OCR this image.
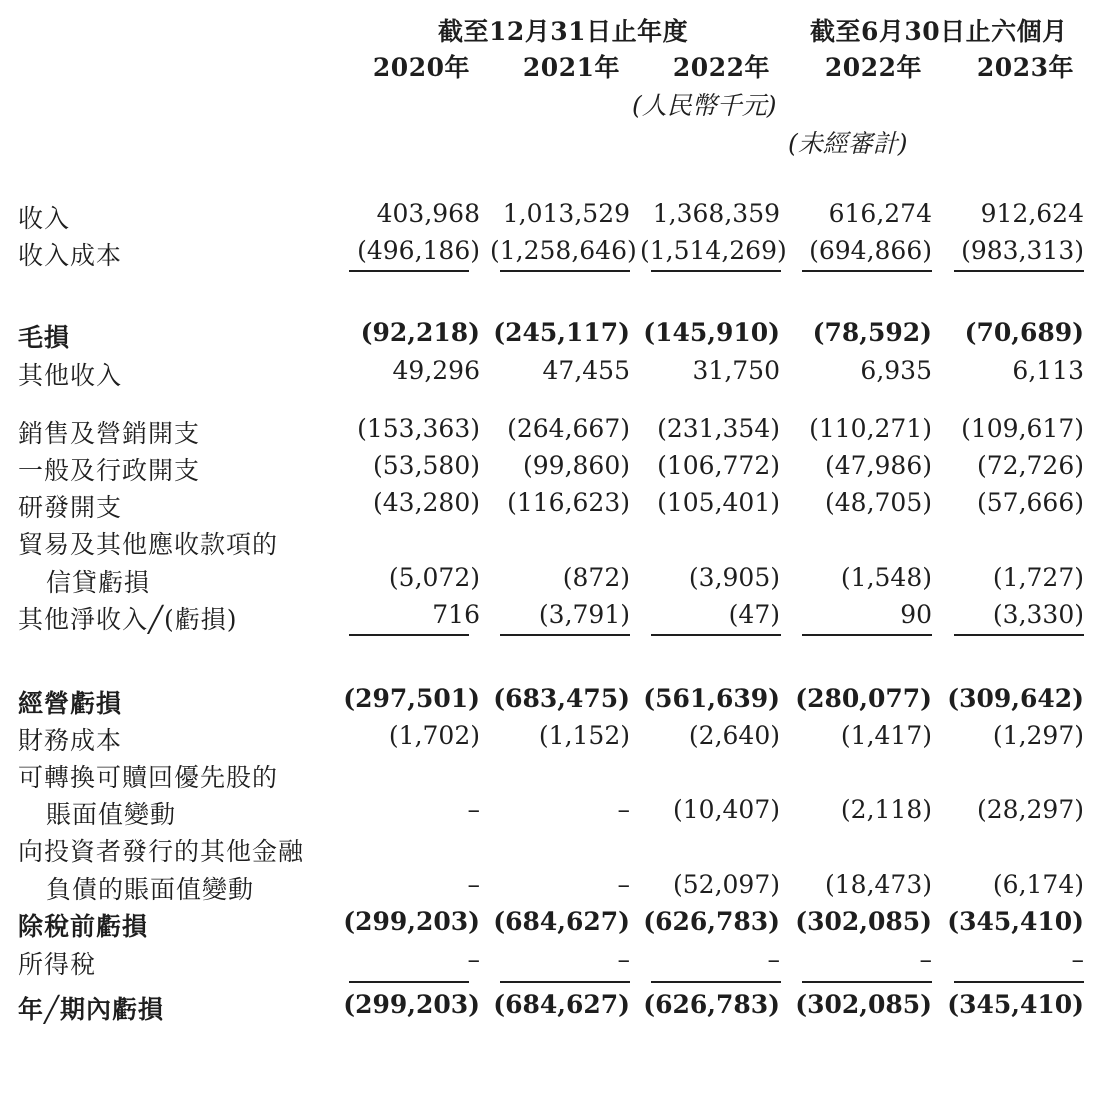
截至12月31日止年度	截至6月30日止六個月
2020年	2021年	2022年	2022年	2023年
(人民幣千元)
(未經審計)
收入	403,968 1,013,529 1,368,359	616,274	912,624
收入成本	(496,186) (1,258,646) (1,514,269) (694,866)	(983,313)
毛損	(92,218) (245,117) (145,910)	(78,592)	(70,689)
其他收入	49,296	47,455	31,750	6,935	6,113
銷售及營銷開支	(153,363)	(264,667)	(231,354)	(110,271)	(109,617)
一般及行政開支	(53,580)	(99,860)	(106,772)	(47,986)	(72,726)
研發開支	(43,280)	(116,623)	(105,401)	(48,705)	(57,666)
貿易及其他應收款項的
信貸虧損	(5,072)	(872)	(3,905)	(1,548)	(1,727)
其他淨收入╱(虧損)	716	(3,791)	(47)	90	(3,330)
經營虧損	(297,501) (683,475) (561,639) (280,077) (309,642)
財務成本	(1,702)	(1,152)	(2,640)	(1,417)	(1,297)
可轉換可贖回優先股的
賬面值變動	–	–	(10,407)	(2,118)	(28,297)
向投資者發行的其他金融
負債的賬面值變動	–	–	(52,097)	(18,473)	(6,174)
除稅前虧損	(299,203) (684,627) (626,783) (302,085) (345,410)
所得稅	–	–	–	–	–
年╱期內虧損	(299,203) (684,627) (626,783) (302,085) (345,410)
